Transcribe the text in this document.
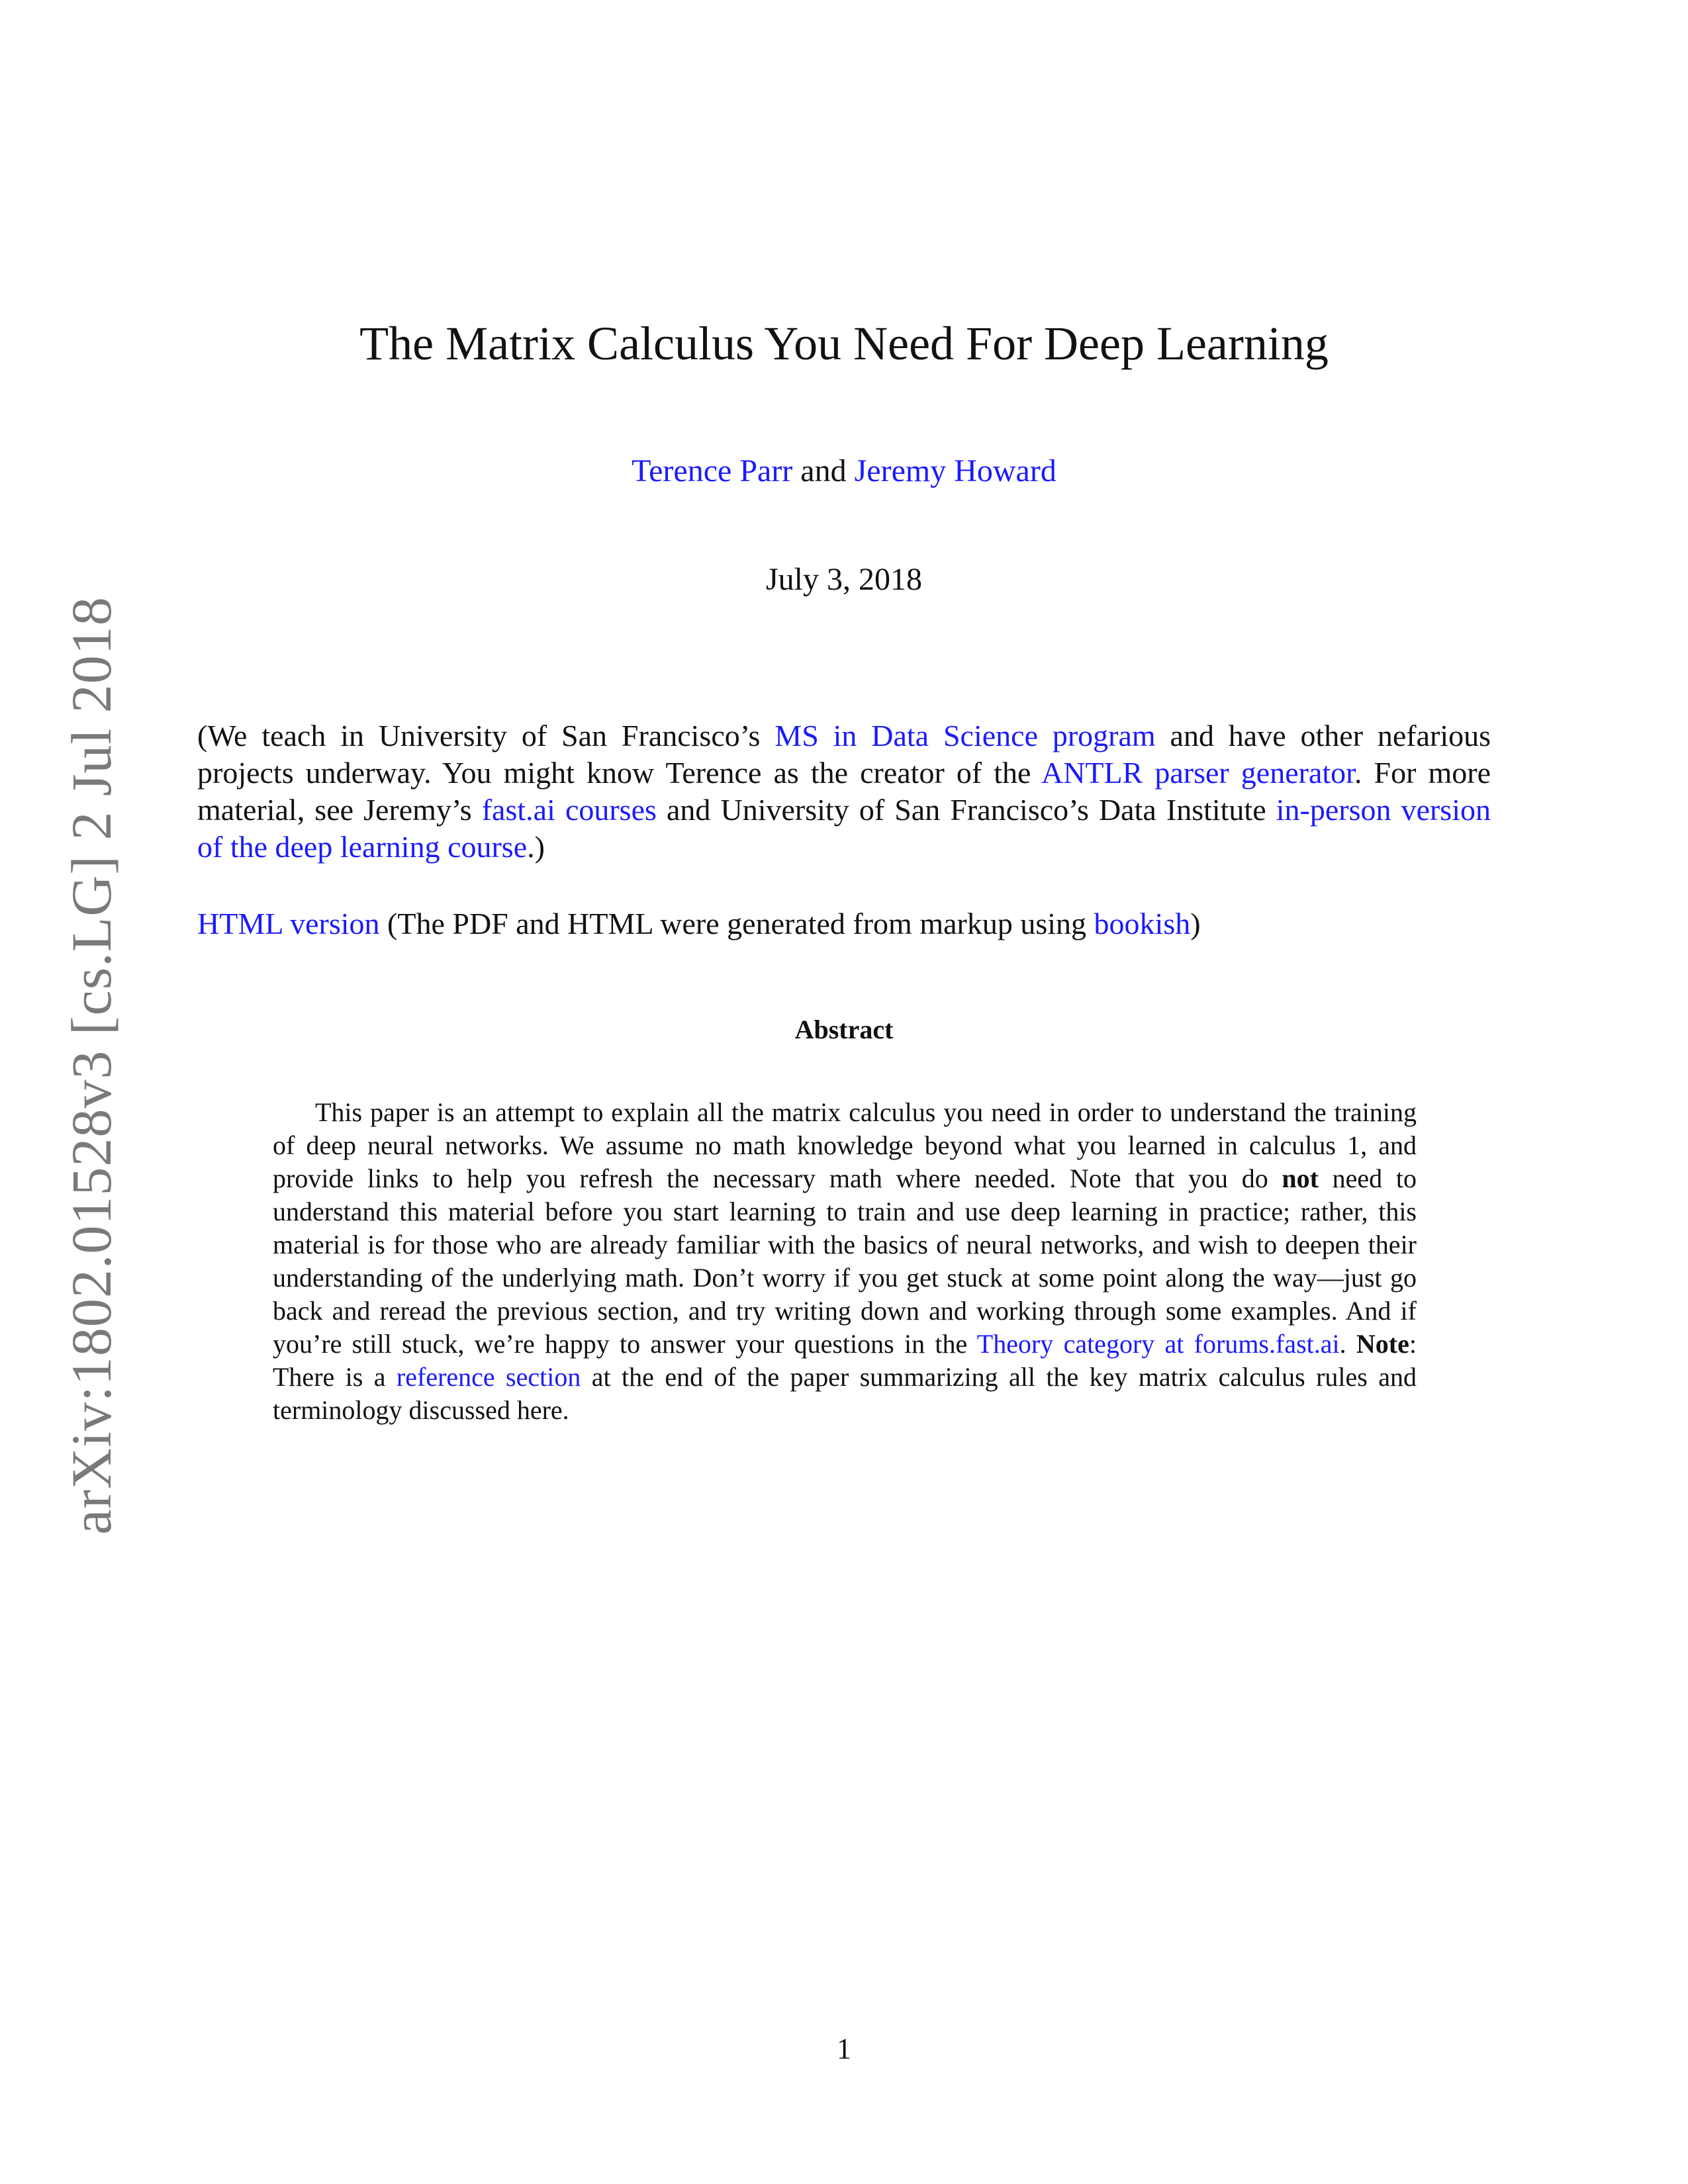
arXiv:1802.01528v3 [cs.LG] 2 Jul 2018
The Matrix Calculus You Need For Deep Learning
Terence Parr and Jeremy Howard
July 3, 2018

(We teach in University of San Francisco’s MS in Data Science program and have other nefarious projects underway. You might know Terence as the creator of the ANTLR parser generator. For more material, see Jeremy’s fast.ai courses and University of San Francisco’s Data Institute in-person version of the deep learning course.)

HTML version (The PDF and HTML were generated from markup using bookish)

Abstract

This paper is an attempt to explain all the matrix calculus you need in order to understand the training of deep neural networks. We assume no math knowledge beyond what you learned in calculus 1, and provide links to help you refresh the necessary math where needed. Note that you do not need to understand this material before you start learning to train and use deep learning in practice; rather, this material is for those who are already familiar with the basics of neural networks, and wish to deepen their understanding of the underlying math. Don’t worry if you get stuck at some point along the way—just go back and reread the previous section, and try writing down and working through some examples. And if you’re still stuck, we’re happy to answer your questions in the Theory category at forums.fast.ai. Note: There is a reference section at the end of the paper summarizing all the key matrix calculus rules and terminology discussed here.

1
